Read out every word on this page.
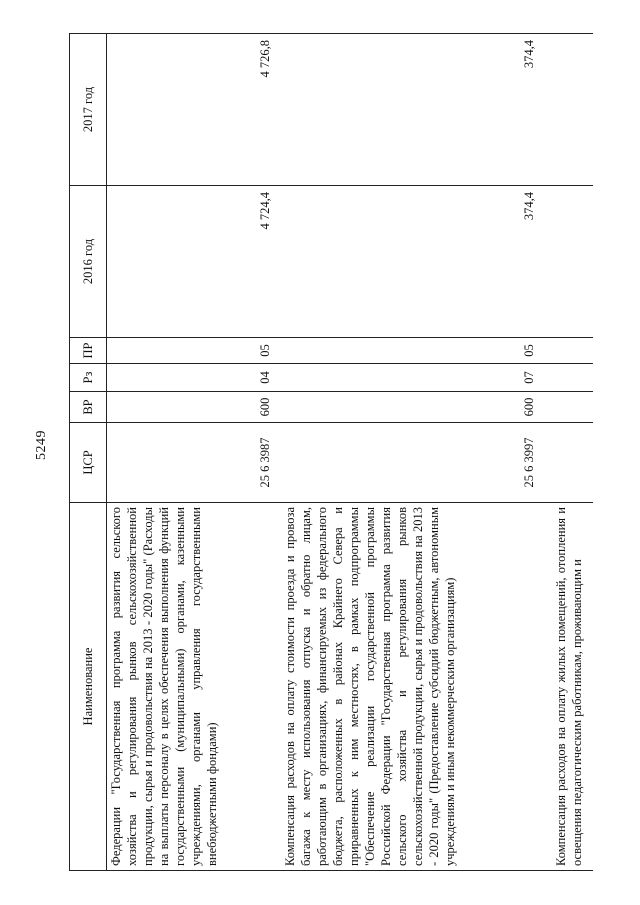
5249
Наименование	ЦСР	ВР	Рз	ПР	2016 год	2017 год
Федерации "Государственная программа развития сельского хозяйства и регулирования рынков сельскохозяйственной продукции, сырья и продовольствия на 2013 - 2020 годы" (Расходы на выплаты персоналу в целях обеспечения выполнения функций государственными (муниципальными) органами, казенными учреждениями, органами управления государственными внебюджетными фондами)	25 6 3987	600	04	05	4 724,4	4 726,8
Компенсация расходов на оплату стоимости проезда и провоза багажа к месту использования отпуска и обратно лицам, работающим в организациях, финансируемых из федерального бюджета, расположенных в районах Крайнего Севера и приравненных к ним местностях, в рамках подпрограммы "Обеспечение реализации государственной программы Российской Федерации "Государственная программа развития сельского хозяйства и регулирования рынков сельскохозяйственной продукции, сырья и продовольствия на 2013 - 2020 годы" (Предоставление субсидий бюджетным, автономным учреждениям и иным некоммерческим организациям)	25 6 3997	600	07	05	374,4	374,4
Компенсация расходов на оплату жилых помещений, отопления и освещения педагогическим работникам, проживающим и						
